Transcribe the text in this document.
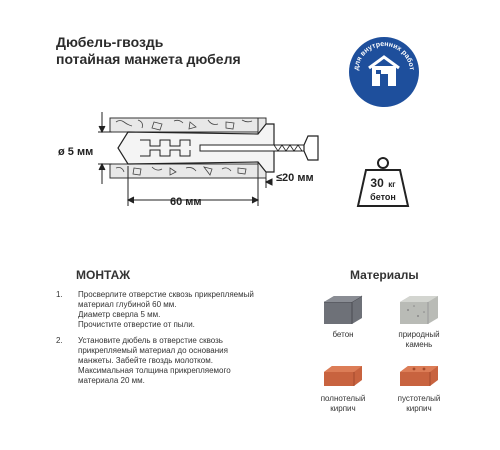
Дюбель-гвоздь
потайная манжета дюбеля
для внутренних работ
ø 5 мм
60 мм
≤20 мм	30 кг
бетон
МОНТАЖ
1.	Просверлите отверстие сквозь прикрепляемый
материал глубиной 60 мм.
Диаметр сверла 5 мм.
Прочистите отверстие от пыли.
2.	Установите дюбель в отверстие сквозь
прикрепляемый материал до основания
манжеты. Забейте гвоздь молотком.
Максимальная толщина прикрепляемого
материала 20 мм.
Материалы
бетон	природный
камень
полнотелый
кирпич
пустотелый
кирпич
